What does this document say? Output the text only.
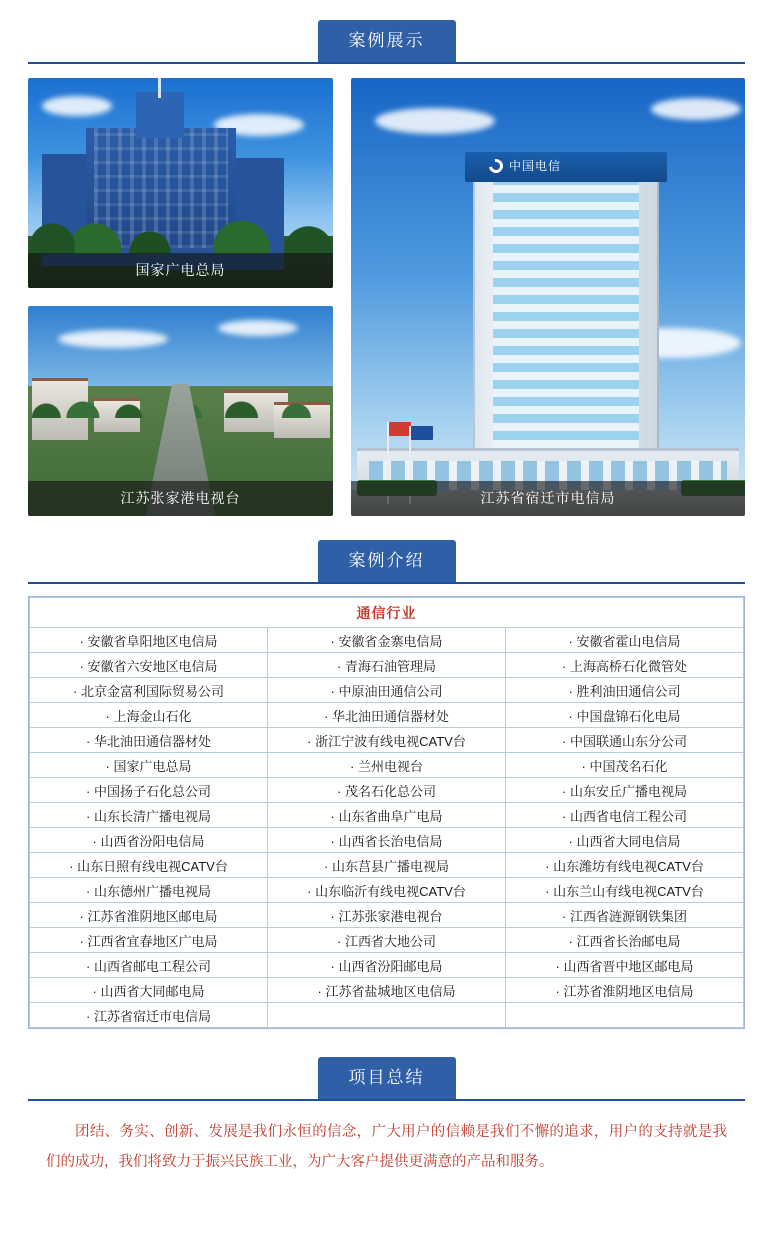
案例展示
国家广电总局
江苏张家港电视台
中国电信
江苏省宿迁市电信局
案例介绍
通信行业		
· 安徽省阜阳地区电信局	· 安徽省金寨电信局	· 安徽省霍山电信局
· 安徽省六安地区电信局	· 青海石油管理局	· 上海高桥石化微管处
· 北京金富利国际贸易公司	· 中原油田通信公司	· 胜利油田通信公司
· 上海金山石化	· 华北油田通信器材处	· 中国盘锦石化电局
· 华北油田通信器材处	· 浙江宁波有线电视CATV台	· 中国联通山东分公司
· 国家广电总局	· 兰州电视台	· 中国茂名石化
· 中国扬子石化总公司	· 茂名石化总公司	· 山东安丘广播电视局
· 山东长清广播电视局	· 山东省曲阜广电局	· 山西省电信工程公司
· 山西省汾阳电信局	· 山西省长治电信局	· 山西省大同电信局
· 山东日照有线电视CATV台	· 山东莒县广播电视局	· 山东潍坊有线电视CATV台
· 山东德州广播电视局	· 山东临沂有线电视CATV台	· 山东兰山有线电视CATV台
· 江苏省淮阴地区邮电局	· 江苏张家港电视台	· 江西省涟源钢铁集团
· 江西省宜春地区广电局	· 江西省大地公司	· 江西省长治邮电局
· 山西省邮电工程公司	· 山西省汾阳邮电局	· 山西省晋中地区邮电局
· 山西省大同邮电局	· 江苏省盐城地区电信局	· 江苏省淮阴地区电信局
· 江苏省宿迁市电信局		
项目总结
团结、务实、创新、发展是我们永恒的信念，广大用户的信赖是我们不懈的追求，用户的支持就是我们的成功，我们将致力于振兴民族工业，为广大客户提供更满意的产品和服务。
